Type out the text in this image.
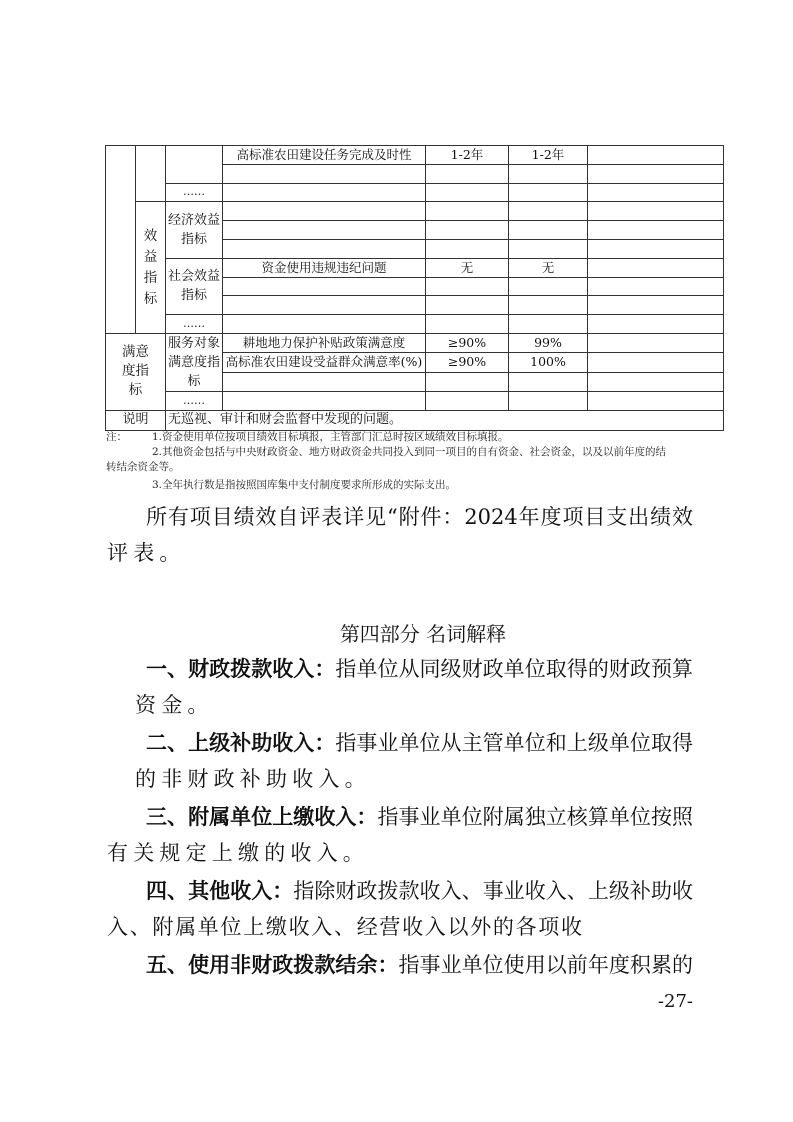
			高标准农田建设任务完成及时性	1-2年	1-2年	

		……				
	效益指标	经济效益指标				

		社会效益指标	资金使用违规违纪问题	无	无	

		……				
满意度指标		服务对象满意度指标	耕地地力保护补贴政策满意度	≥90%	99%	
			高标准农田建设受益群众满意率(%)	≥90%	100%	

		……				
说明		无巡视、审计和财会监督中发现的问题。				
注： 1.资金使用单位按项目绩效目标填报，主管部门汇总时按区域绩效目标填报。
2.其他资金包括与中央财政资金、地方财政资金共同投入到同一项目的自有资金、社会资金，以及以前年度的结
转结余资金等。
3.全年执行数是指按照国库集中支付制度要求所形成的实际支出。
所有项目绩效自评表详见“附件：2024年度项目支出绩效
评表。
第四部分 名词解释
一、财政拨款收入：指单位从同级财政单位取得的财政预算
资金。
二、上级补助收入：指事业单位从主管单位和上级单位取得
的非财政补助收入。
三、附属单位上缴收入：指事业单位附属独立核算单位按照
有关规定上缴的收入。
四、其他收入：指除财政拨款收入、事业收入、上级补助收
入、附属单位上缴收入、经营收入以外的各项收
五、使用非财政拨款结余：指事业单位使用以前年度积累的
-27-
